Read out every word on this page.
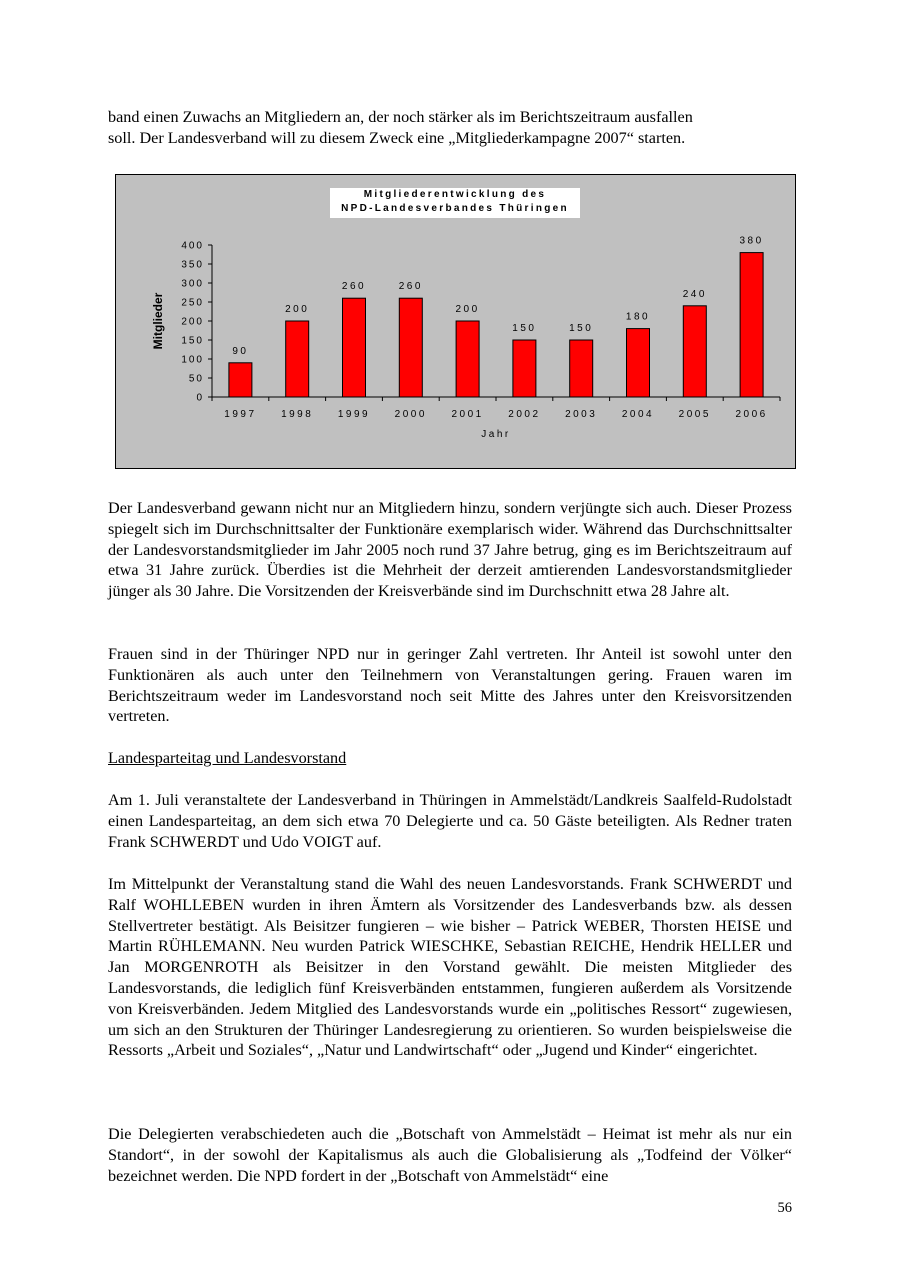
band einen Zuwachs an Mitgliedern an, der noch stärker als im Berichtszeitraum ausfallen

soll. Der Landesverband will zu diesem Zweck eine „Mitgliederkampagne 2007“ starten.

Mitgliederentwicklung des
NPD-Landesverbandes Thüringen
0
50
100
150
200
250
300
350
400
90
200
260	260
200
150	150
180
240
380
1997 1998 1999 2000 2001 2002 2003 2004 2005 2006
Mitglieder
Jahr

Der Landesverband gewann nicht nur an Mitgliedern hinzu, sondern verjüngte sich auch. Dieser Prozess spiegelt sich im Durchschnittsalter der Funktionäre exemplarisch wider. Während das Durchschnittsalter der Landesvorstandsmitglieder im Jahr 2005 noch rund 37 Jahre betrug, ging es im Berichtszeitraum auf etwa 31 Jahre zurück. Überdies ist die Mehrheit der derzeit amtierenden Landesvorstandsmitglieder jünger als 30 Jahre. Die Vorsitzenden der Kreisverbände sind im Durchschnitt etwa 28 Jahre alt.

Frauen sind in der Thüringer NPD nur in geringer Zahl vertreten. Ihr Anteil ist sowohl unter den Funktionären als auch unter den Teilnehmern von Veranstaltungen gering. Frauen waren im Berichtszeitraum weder im Landesvorstand noch seit Mitte des Jahres unter den Kreisvorsitzenden vertreten.

Landesparteitag und Landesvorstand

Am 1. Juli veranstaltete der Landesverband in Thüringen in Ammelstädt/Landkreis Saalfeld-Rudolstadt einen Landesparteitag, an dem sich etwa 70 Delegierte und ca. 50 Gäste beteiligten. Als Redner traten Frank SCHWERDT und Udo VOIGT auf.

Im Mittelpunkt der Veranstaltung stand die Wahl des neuen Landesvorstands. Frank SCHWERDT und Ralf WOHLLEBEN wurden in ihren Ämtern als Vorsitzender des Landesverbands bzw. als dessen Stellvertreter bestätigt. Als Beisitzer fungieren – wie bisher – Patrick WEBER, Thorsten HEISE und Martin RÜHLEMANN. Neu wurden Patrick WIESCHKE, Sebastian REICHE, Hendrik HELLER und Jan MORGENROTH als Beisitzer in den Vorstand gewählt. Die meisten Mitglieder des Landesvorstands, die lediglich fünf Kreisverbänden entstammen, fungieren außerdem als Vorsitzende von Kreisverbänden. Jedem Mitglied des Landesvorstands wurde ein „politisches Ressort“ zugewiesen, um sich an den Strukturen der Thüringer Landesregierung zu orientieren. So wurden beispielsweise die Ressorts „Arbeit und Soziales“, „Natur und Landwirtschaft“ oder „Jugend und Kinder“ eingerichtet.

Die Delegierten verabschiedeten auch die „Botschaft von Ammelstädt – Heimat ist mehr als nur ein Standort“, in der sowohl der Kapitalismus als auch die Globalisierung als „Todfeind der Völker“ bezeichnet werden. Die NPD fordert in der „Botschaft von Ammelstädt“ eine

56
